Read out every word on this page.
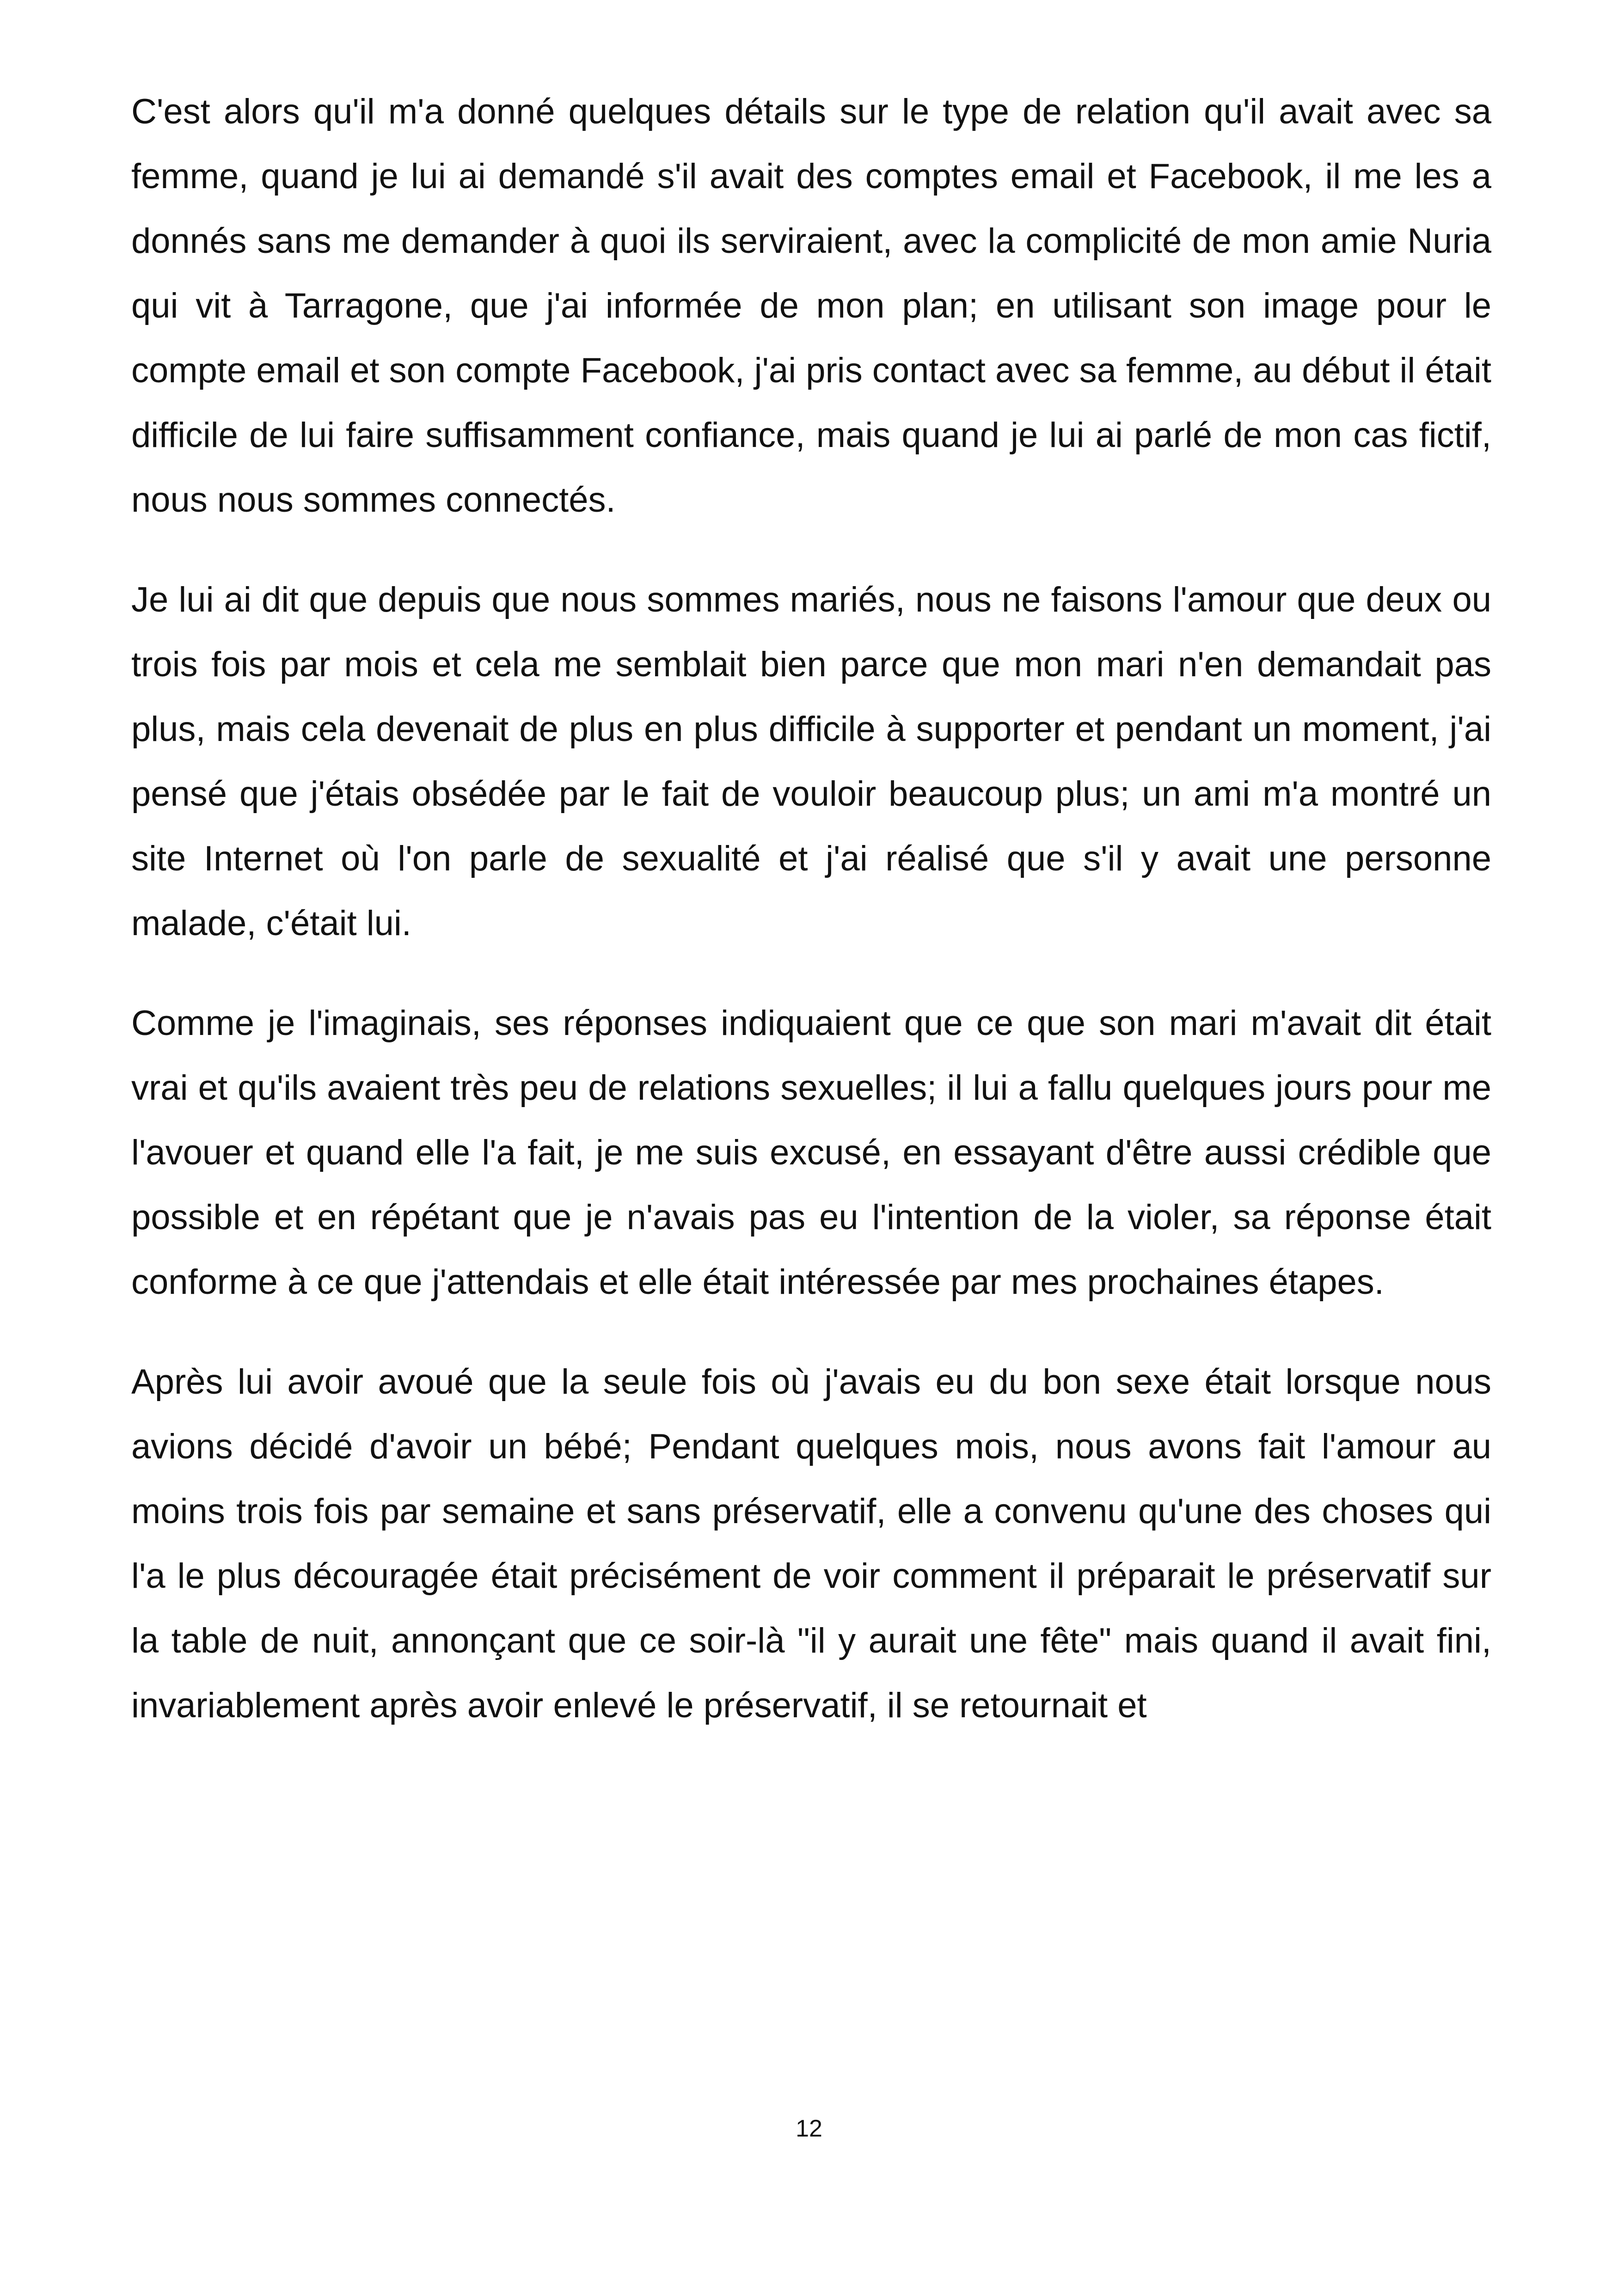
C'est alors qu'il m'a donné quelques détails sur le type de relation qu'il avait avec sa femme, quand je lui ai demandé s'il avait des comptes email et Facebook, il me les a donnés sans me demander à quoi ils serviraient, avec la complicité de mon amie Nuria qui vit à Tarragone, que j'ai informée de mon plan; en utilisant son image pour le compte email et son compte Facebook, j'ai pris contact avec sa femme, au début il était difficile de lui faire suffisamment confiance, mais quand je lui ai parlé de mon cas fictif, nous nous sommes connectés.

Je lui ai dit que depuis que nous sommes mariés, nous ne faisons l'amour que deux ou trois fois par mois et cela me semblait bien parce que mon mari n'en demandait pas plus, mais cela devenait de plus en plus difficile à supporter et pendant un moment, j'ai pensé que j'étais obsédée par le fait de vouloir beaucoup plus; un ami m'a montré un site Internet où l'on parle de sexualité et j'ai réalisé que s'il y avait une personne malade, c'était lui.

Comme je l'imaginais, ses réponses indiquaient que ce que son mari m'avait dit était vrai et qu'ils avaient très peu de relations sexuelles; il lui a fallu quelques jours pour me l'avouer et quand elle l'a fait, je me suis excusé, en essayant d'être aussi crédible que possible et en répétant que je n'avais pas eu l'intention de la violer, sa réponse était conforme à ce que j'attendais et elle était intéressée par mes prochaines étapes.

Après lui avoir avoué que la seule fois où j'avais eu du bon sexe était lorsque nous avions décidé d'avoir un bébé; Pendant quelques mois, nous avons fait l'amour au moins trois fois par semaine et sans préservatif, elle a convenu qu'une des choses qui l'a le plus découragée était précisément de voir comment il préparait le préservatif sur la table de nuit, annonçant que ce soir-là "il y aurait une fête" mais quand il avait fini, invariablement après avoir enlevé le préservatif, il se retournait et

12
